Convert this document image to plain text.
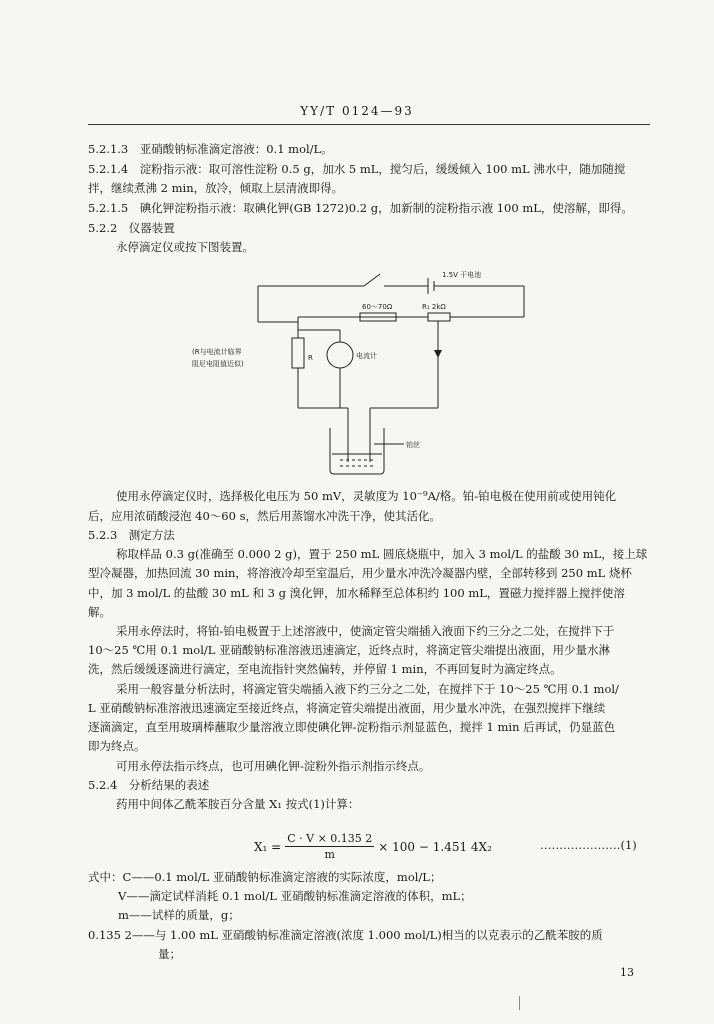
YY/T 0124—93
5.2.1.3　亚硝酸钠标准滴定溶液：0.1 mol/L。
5.2.1.4　淀粉指示液：取可溶性淀粉 0.5 g，加水 5 mL，搅匀后，缓缓倾入 100 mL 沸水中，随加随搅
拌，继续煮沸 2 min，放冷，倾取上层清液即得。
5.2.1.5　碘化钾淀粉指示液：取碘化钾(GB 1272)0.2 g，加新制的淀粉指示液 100 mL，使溶解，即得。
5.2.2　仪器装置
永停滴定仪或按下图装置。
1.5V 干电池
60～70Ω	R₁ 2kΩ
R
(R与电流计临界
阻尼电阻值近似)
电流计
铂丝
使用永停滴定仪时，选择极化电压为 50 mV，灵敏度为 10⁻⁹A/格。铂-铂电极在使用前或使用钝化
后，应用浓硝酸浸泡 40～60 s，然后用蒸馏水冲洗干净，使其活化。
5.2.3　测定方法
称取样品 0.3 g(准确至 0.000 2 g)，置于 250 mL 圆底烧瓶中，加入 3 mol/L 的盐酸 30 mL，接上球
型冷凝器，加热回流 30 min，将溶液冷却至室温后，用少量水冲洗冷凝器内壁，全部转移到 250 mL 烧杯
中，加 3 mol/L 的盐酸 30 mL 和 3 g 溴化钾，加水稀释至总体积约 100 mL，置磁力搅拌器上搅拌使溶
解。
采用永停法时，将铂-铂电极置于上述溶液中，使滴定管尖端插入液面下约三分之二处，在搅拌下于
10～25 ℃用 0.1 mol/L 亚硝酸钠标准溶液迅速滴定，近终点时，将滴定管尖端提出液面，用少量水淋
洗，然后缓缓逐滴进行滴定，至电流指针突然偏转，并停留 1 min，不再回复时为滴定终点。
采用一般容量分析法时，将滴定管尖端插入液下约三分之二处，在搅拌下于 10～25 ℃用 0.1 mol/
L 亚硝酸钠标准溶液迅速滴定至接近终点，将滴定管尖端提出液面，用少量水冲洗，在强烈搅拌下继续
逐滴滴定，直至用玻璃棒蘸取少量溶液立即使碘化钾-淀粉指示剂显蓝色，搅拌 1 min 后再试，仍显蓝色
即为终点。
可用永停法指示终点，也可用碘化钾-淀粉外指示剂指示终点。
5.2.4　分析结果的表述
药用中间体乙酰苯胺百分含量 X₁ 按式(1)计算：
$X_1 = \frac{C \cdot V \times 0.135 2}{m} \times 100 - 1.451$ 4X₂	…………………(1)
式中：C——0.1 mol/L 亚硝酸钠标准滴定溶液的实际浓度，mol/L；
V——滴定试样消耗 0.1 mol/L 亚硝酸钠标准滴定溶液的体积，mL；
m——试样的质量，g；
0.135 2——与 1.00 mL 亚硝酸钠标准滴定溶液(浓度 1.000 mol/L)相当的以克表示的乙酰苯胺的质
量；
13
